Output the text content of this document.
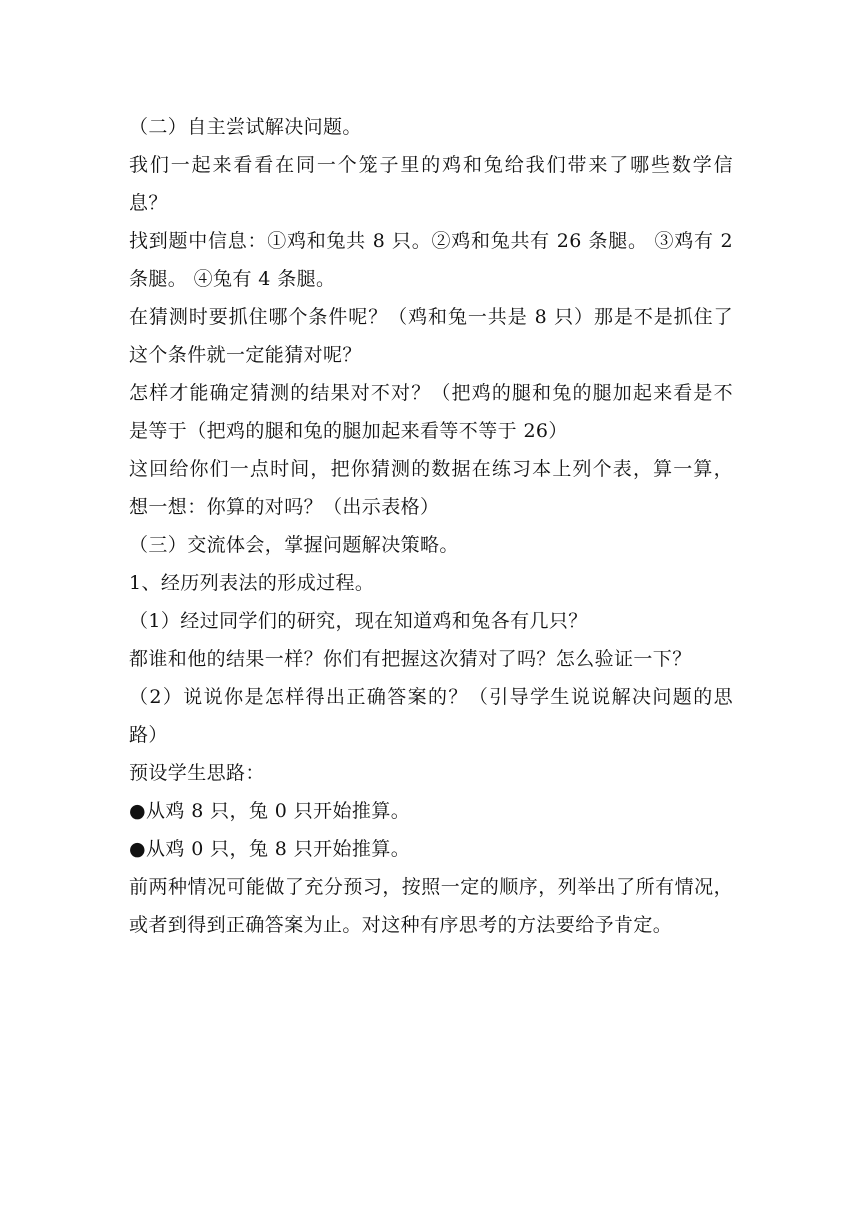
（二）自主尝试解决问题。
我们一起来看看在同一个笼子里的鸡和兔给我们带来了哪些数学信
息？
找到题中信息：①鸡和兔共 8 只。②鸡和兔共有 26 条腿。 ③鸡有 2
条腿。 ④兔有 4 条腿。
在猜测时要抓住哪个条件呢？（鸡和兔一共是 8 只）那是不是抓住了
这个条件就一定能猜对呢？
怎样才能确定猜测的结果对不对？（把鸡的腿和兔的腿加起来看是不
是等于（把鸡的腿和兔的腿加起来看等不等于 26）
这回给你们一点时间，把你猜测的数据在练习本上列个表，算一算，
想一想：你算的对吗？（出示表格）
（三）交流体会，掌握问题解决策略。
1、经历列表法的形成过程。
（1）经过同学们的研究，现在知道鸡和兔各有几只？
都谁和他的结果一样？你们有把握这次猜对了吗？怎么验证一下？
（2）说说你是怎样得出正确答案的？（引导学生说说解决问题的思
路）
预设学生思路：
●从鸡 8 只，兔 0 只开始推算。
●从鸡 0 只，兔 8 只开始推算。
前两种情况可能做了充分预习，按照一定的顺序，列举出了所有情况，
或者到得到正确答案为止。对这种有序思考的方法要给予肯定。
